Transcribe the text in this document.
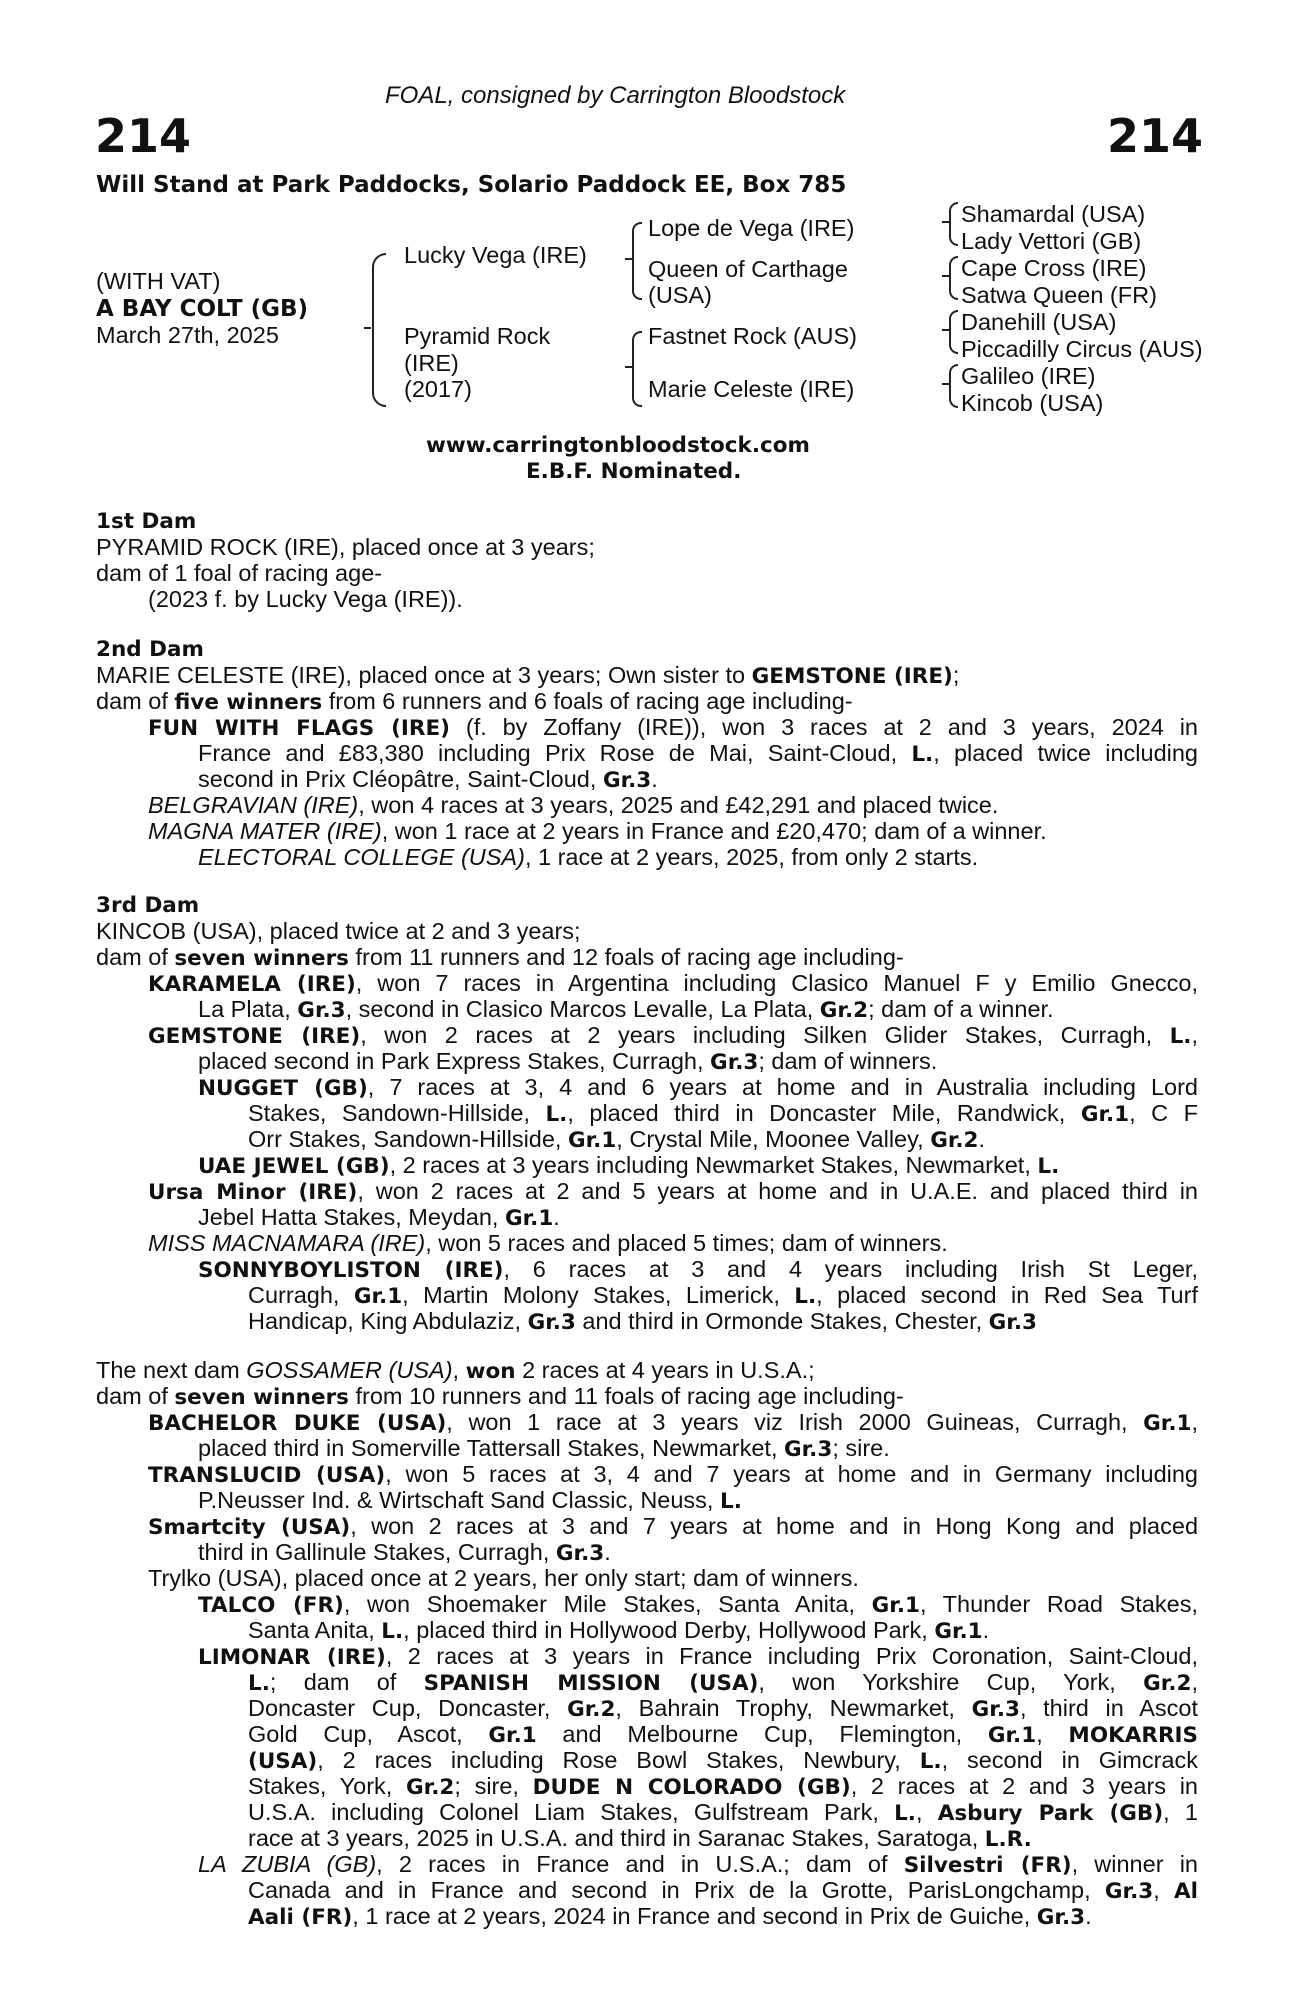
FOAL, consigned by Carrington Bloodstock
214	214
Will Stand at Park Paddocks, Solario Paddock EE, Box 785
(WITH VAT)
A BAY COLT (GB)
March 27th, 2025
Lucky Vega (IRE)
Pyramid Rock
(IRE)
(2017)
Lope de Vega (IRE)
Queen of Carthage
(USA)
Fastnet Rock (AUS)
Marie Celeste (IRE)
Shamardal (USA)
Lady Vettori (GB)
Cape Cross (IRE)
Satwa Queen (FR)
Danehill (USA)
Piccadilly Circus (AUS)
Galileo (IRE)
Kincob (USA)
www.carringtonbloodstock.com
E.B.F. Nominated.
1st Dam
PYRAMID ROCK (IRE), placed once at 3 years;
dam of 1 foal of racing age-
(2023 f. by Lucky Vega (IRE)).
2nd Dam
MARIE CELESTE (IRE), placed once at 3 years; Own sister to GEMSTONE (IRE);
dam of five winners from 6 runners and 6 foals of racing age including-
FUN WITH FLAGS (IRE) (f. by Zoffany (IRE)), won 3 races at 2 and 3 years, 2024 in
France and £83,380 including Prix Rose de Mai, Saint-Cloud, L., placed twice including
second in Prix Cléopâtre, Saint-Cloud, Gr.3.
BELGRAVIAN (IRE), won 4 races at 3 years, 2025 and £42,291 and placed twice.
MAGNA MATER (IRE), won 1 race at 2 years in France and £20,470; dam of a winner.
ELECTORAL COLLEGE (USA), 1 race at 2 years, 2025, from only 2 starts.
3rd Dam
KINCOB (USA), placed twice at 2 and 3 years;
dam of seven winners from 11 runners and 12 foals of racing age including-
KARAMELA (IRE), won 7 races in Argentina including Clasico Manuel F y Emilio Gnecco,
La Plata, Gr.3, second in Clasico Marcos Levalle, La Plata, Gr.2; dam of a winner.
GEMSTONE (IRE), won 2 races at 2 years including Silken Glider Stakes, Curragh, L.,
placed second in Park Express Stakes, Curragh, Gr.3; dam of winners.
NUGGET (GB), 7 races at 3, 4 and 6 years at home and in Australia including Lord
Stakes, Sandown-Hillside, L., placed third in Doncaster Mile, Randwick, Gr.1, C F
Orr Stakes, Sandown-Hillside, Gr.1, Crystal Mile, Moonee Valley, Gr.2.
UAE JEWEL (GB), 2 races at 3 years including Newmarket Stakes, Newmarket, L.
Ursa Minor (IRE), won 2 races at 2 and 5 years at home and in U.A.E. and placed third in
Jebel Hatta Stakes, Meydan, Gr.1.
MISS MACNAMARA (IRE), won 5 races and placed 5 times; dam of winners.
SONNYBOYLISTON (IRE), 6 races at 3 and 4 years including Irish St Leger,
Curragh, Gr.1, Martin Molony Stakes, Limerick, L., placed second in Red Sea Turf
Handicap, King Abdulaziz, Gr.3 and third in Ormonde Stakes, Chester, Gr.3
The next dam GOSSAMER (USA), won 2 races at 4 years in U.S.A.;
dam of seven winners from 10 runners and 11 foals of racing age including-
BACHELOR DUKE (USA), won 1 race at 3 years viz Irish 2000 Guineas, Curragh, Gr.1,
placed third in Somerville Tattersall Stakes, Newmarket, Gr.3; sire.
TRANSLUCID (USA), won 5 races at 3, 4 and 7 years at home and in Germany including
P.Neusser Ind. & Wirtschaft Sand Classic, Neuss, L.
Smartcity (USA), won 2 races at 3 and 7 years at home and in Hong Kong and placed
third in Gallinule Stakes, Curragh, Gr.3.
Trylko (USA), placed once at 2 years, her only start; dam of winners.
TALCO (FR), won Shoemaker Mile Stakes, Santa Anita, Gr.1, Thunder Road Stakes,
Santa Anita, L., placed third in Hollywood Derby, Hollywood Park, Gr.1.
LIMONAR (IRE), 2 races at 3 years in France including Prix Coronation, Saint-Cloud,
L.; dam of SPANISH MISSION (USA), won Yorkshire Cup, York, Gr.2,
Doncaster Cup, Doncaster, Gr.2, Bahrain Trophy, Newmarket, Gr.3, third in Ascot
Gold Cup, Ascot, Gr.1 and Melbourne Cup, Flemington, Gr.1, MOKARRIS
(USA), 2 races including Rose Bowl Stakes, Newbury, L., second in Gimcrack
Stakes, York, Gr.2; sire, DUDE N COLORADO (GB), 2 races at 2 and 3 years in
U.S.A. including Colonel Liam Stakes, Gulfstream Park, L., Asbury Park (GB), 1
race at 3 years, 2025 in U.S.A. and third in Saranac Stakes, Saratoga, L.R.
LA ZUBIA (GB), 2 races in France and in U.S.A.; dam of Silvestri (FR), winner in
Canada and in France and second in Prix de la Grotte, ParisLongchamp, Gr.3, Al
Aali (FR), 1 race at 2 years, 2024 in France and second in Prix de Guiche, Gr.3.
